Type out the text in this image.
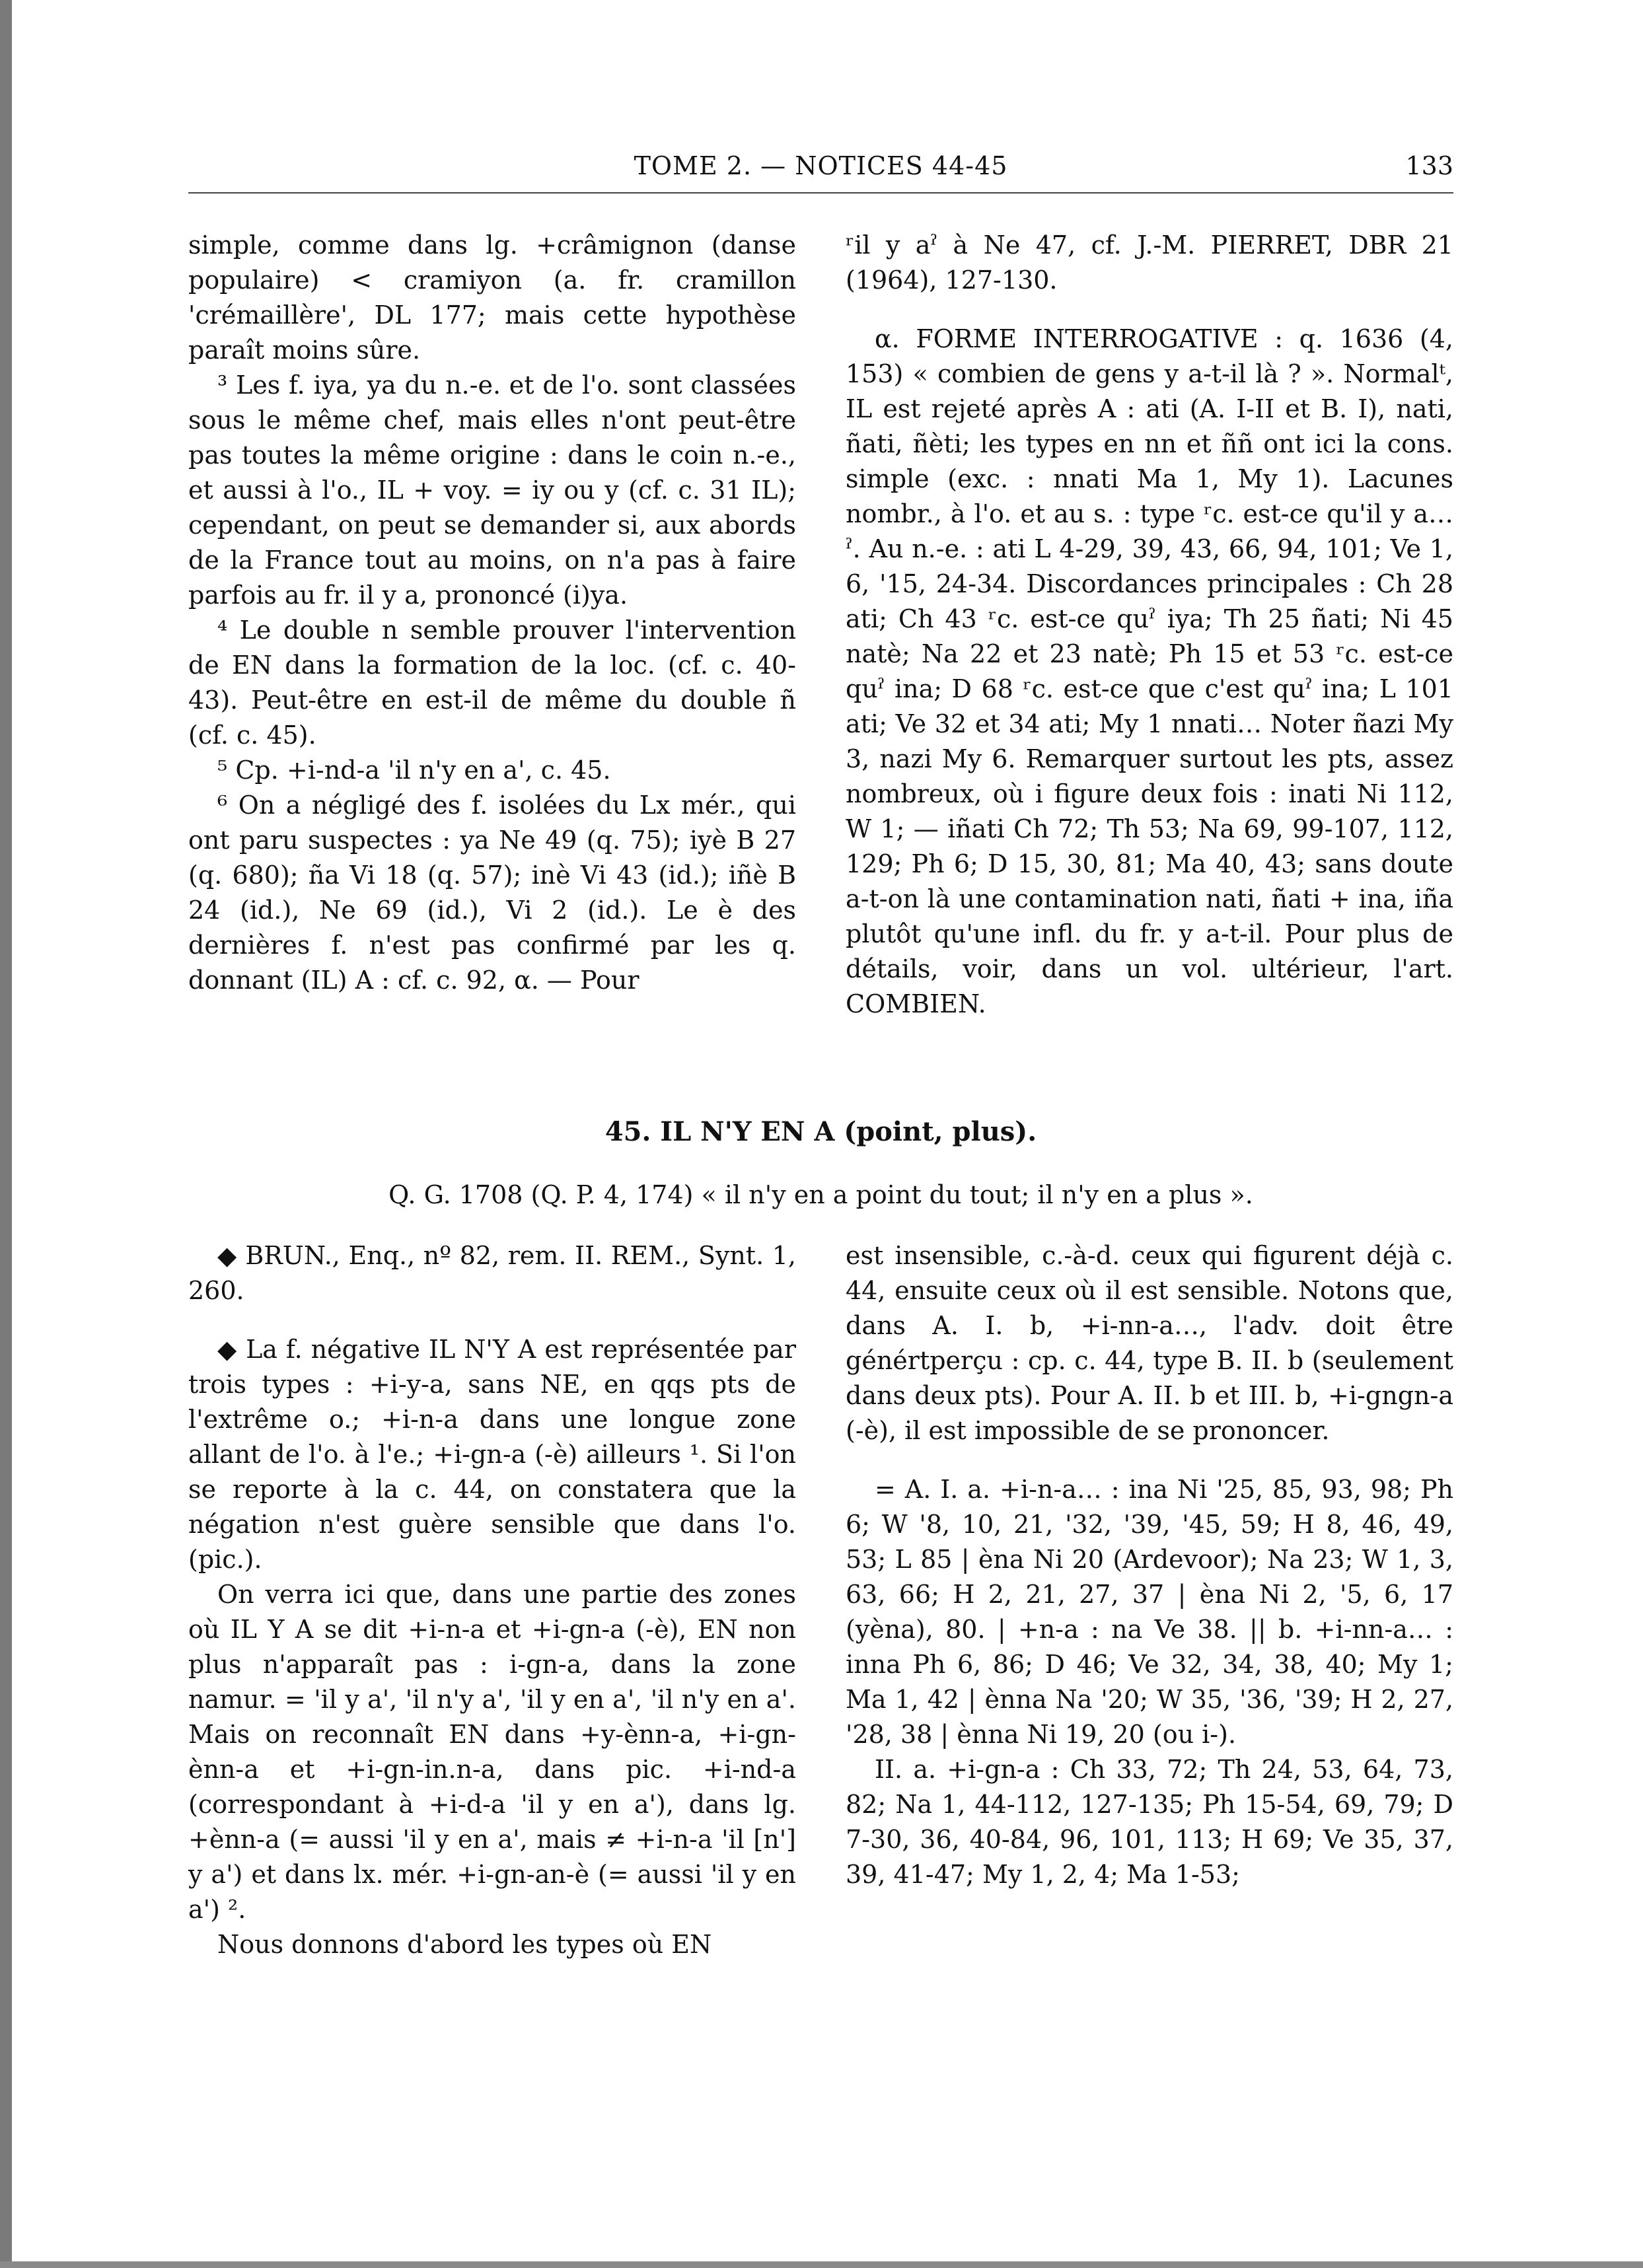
TOME 2. — NOTICES 44-45	133

simple, comme dans lg. +crâmignon (danse populaire) < cramiyon (a. fr. cramillon 'crémaillère', DL 177; mais cette hypothèse paraît moins sûre.

³ Les f. iya, ya du n.-e. et de l'o. sont classées sous le même chef, mais elles n'ont peut-être pas toutes la même origine : dans le coin n.-e., et aussi à l'o., IL + voy. = iy ou y (cf. c. 31 IL); cependant, on peut se demander si, aux abords de la France tout au moins, on n'a pas à faire parfois au fr. il y a, prononcé (i)ya.

⁴ Le double n semble prouver l'intervention de EN dans la formation de la loc. (cf. c. 40-43). Peut-être en est-il de même du double ñ (cf. c. 45).

⁵ Cp. +i-nd-a 'il n'y en a', c. 45.

⁶ On a négligé des f. isolées du Lx mér., qui ont paru suspectes : ya Ne 49 (q. 75); iyè B 27 (q. 680); ña Vi 18 (q. 57); inè Vi 43 (id.); iñè B 24 (id.), Ne 69 (id.), Vi 2 (id.). Le è des dernières f. n'est pas confirmé par les q. donnant (IL) A : cf. c. 92, α. — Pour

ʳil y aˀ à Ne 47, cf. J.-M. PIERRET, DBR 21 (1964), 127-130.

α. FORME INTERROGATIVE : q. 1636 (4, 153) « combien de gens y a-t-il là ? ». Normalᵗ, IL est rejeté après A : ati (A. I-II et B. I), nati, ñati, ñèti; les types en nn et ññ ont ici la cons. simple (exc. : nnati Ma 1, My 1). Lacunes nombr., à l'o. et au s. : type ʳc. est-ce qu'il y a…ˀ. Au n.-e. : ati L 4-29, 39, 43, 66, 94, 101; Ve 1, 6, '15, 24-34. Discordances principales : Ch 28 ati; Ch 43 ʳc. est-ce quˀ iya; Th 25 ñati; Ni 45 natè; Na 22 et 23 natè; Ph 15 et 53 ʳc. est-ce quˀ ina; D 68 ʳc. est-ce que c'est quˀ ina; L 101 ati; Ve 32 et 34 ati; My 1 nnati… Noter ñazi My 3, nazi My 6. Remarquer surtout les pts, assez nombreux, où i figure deux fois : inati Ni 112, W 1; — iñati Ch 72; Th 53; Na 69, 99-107, 112, 129; Ph 6; D 15, 30, 81; Ma 40, 43; sans doute a-t-on là une contamination nati, ñati + ina, iña plutôt qu'une infl. du fr. y a-t-il. Pour plus de détails, voir, dans un vol. ultérieur, l'art. COMBIEN.

45. IL N'Y EN A (point, plus).
Q. G. 1708 (Q. P. 4, 174) « il n'y en a point du tout; il n'y en a plus ».

◆ BRUN., Enq., nº 82, rem. II. REM., Synt. 1, 260.

◆ La f. négative IL N'Y A est représentée par trois types : +i-y-a, sans NE, en qqs pts de l'extrême o.; +i-n-a dans une longue zone allant de l'o. à l'e.; +i-gn-a (-è) ailleurs ¹. Si l'on se reporte à la c. 44, on constatera que la négation n'est guère sensible que dans l'o. (pic.).

On verra ici que, dans une partie des zones où IL Y A se dit +i-n-a et +i-gn-a (-è), EN non plus n'apparaît pas : i-gn-a, dans la zone namur. = 'il y a', 'il n'y a', 'il y en a', 'il n'y en a'. Mais on reconnaît EN dans +y-ènn-a, +i-gn-ènn-a et +i-gn-in.n-a, dans pic. +i-nd-a (correspondant à +i-d-a 'il y en a'), dans lg. +ènn-a (= aussi 'il y en a', mais ≠ +i-n-a 'il [n'] y a') et dans lx. mér. +i-gn-an-è (= aussi 'il y en a') ².

Nous donnons d'abord les types où EN

est insensible, c.-à-d. ceux qui figurent déjà c. 44, ensuite ceux où il est sensible. Notons que, dans A. I. b, +i-nn-a…, l'adv. doit être génértperçu : cp. c. 44, type B. II. b (seulement dans deux pts). Pour A. II. b et III. b, +i-gngn-a (-è), il est impossible de se prononcer.

= A. I. a. +i-n-a… : ina Ni '25, 85, 93, 98; Ph 6; W '8, 10, 21, '32, '39, '45, 59; H 8, 46, 49, 53; L 85 | èna Ni 20 (Ardevoor); Na 23; W 1, 3, 63, 66; H 2, 21, 27, 37 | èna Ni 2, '5, 6, 17 (yèna), 80. | +n-a : na Ve 38. || b. +i-nn-a… : inna Ph 6, 86; D 46; Ve 32, 34, 38, 40; My 1; Ma 1, 42 | ènna Na '20; W 35, '36, '39; H 2, 27, '28, 38 | ènna Ni 19, 20 (ou i-).

II. a. +i-gn-a : Ch 33, 72; Th 24, 53, 64, 73, 82; Na 1, 44-112, 127-135; Ph 15-54, 69, 79; D 7-30, 36, 40-84, 96, 101, 113; H 69; Ve 35, 37, 39, 41-47; My 1, 2, 4; Ma 1-53;
